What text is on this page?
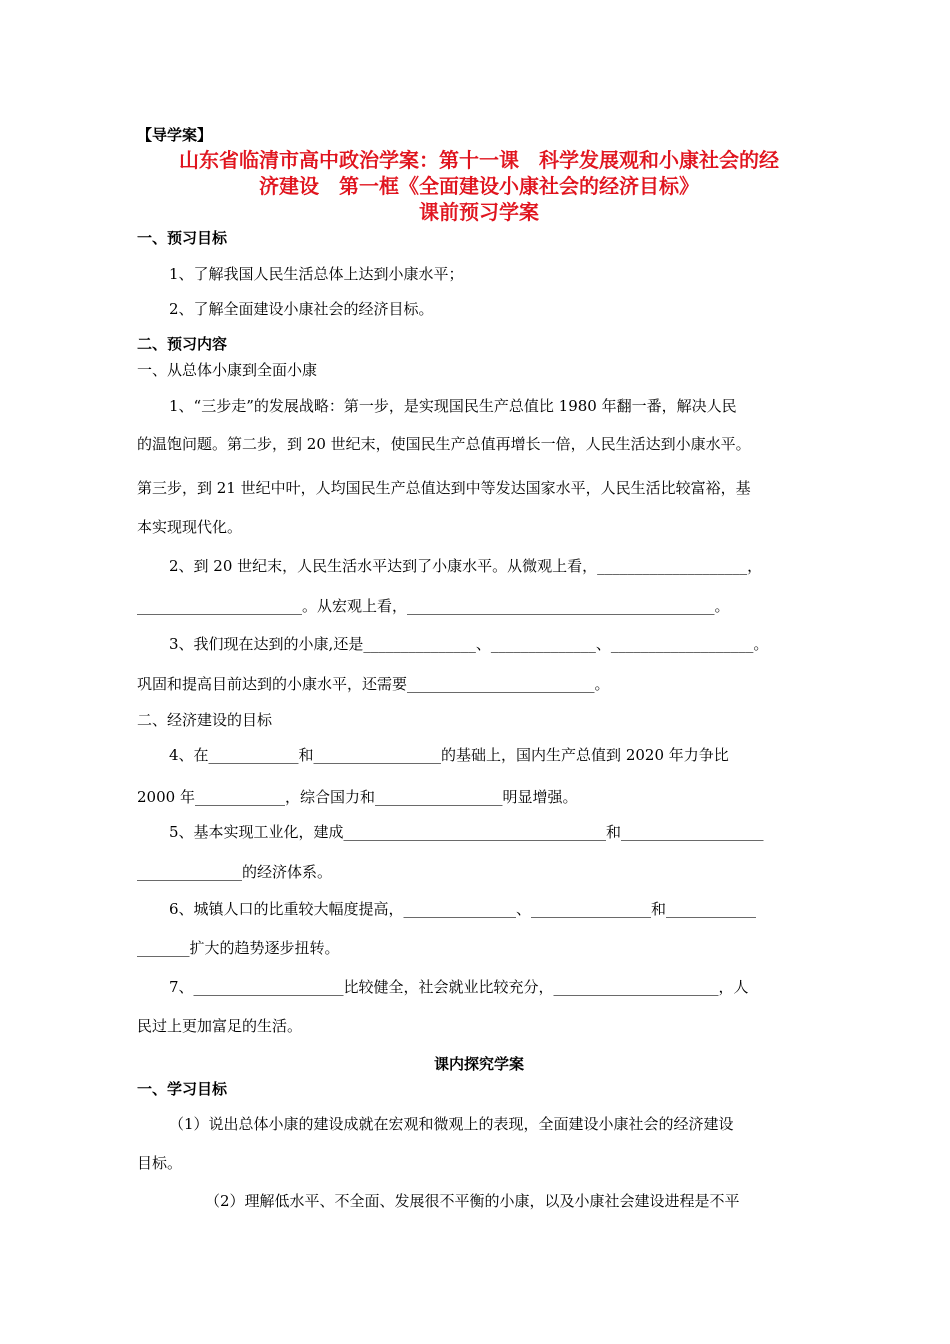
【导学案】
山东省临清市高中政治学案：第十一课　科学发展观和小康社会的经
济建设　第一框《全面建设小康社会的经济目标》
课前预习学案
一、预习目标
1、了解我国人民生活总体上达到小康水平；
2、了解全面建设小康社会的经济目标。
二、预习内容
一、从总体小康到全面小康
1、“三步走”的发展战略：第一步，是实现国民生产总值比 1980 年翻一番，解决人民
的温饱问题。第二步，到 20 世纪末，使国民生产总值再增长一倍，人民生活达到小康水平。
第三步，到 21 世纪中叶，人均国民生产总值达到中等发达国家水平，人民生活比较富裕，基
本实现现代化。
2、到 20 世纪末，人民生活水平达到了小康水平。从微观上看，____________________，
______________________。从宏观上看，_________________________________________。
3、我们现在达到的小康,还是_______________、______________、___________________。
巩固和提高目前达到的小康水平，还需要_________________________。
二、经济建设的目标
4、在____________和_________________的基础上，国内生产总值到 2020 年力争比
2000 年____________，综合国力和_________________明显增强。
5、基本实现工业化，建成___________________________________和___________________
______________的经济体系。
6、城镇人口的比重较大幅度提高，_______________、________________和____________
_______扩大的趋势逐步扭转。
7、____________________比较健全，社会就业比较充分，______________________，人
民过上更加富足的生活。
课内探究学案
一、学习目标
（1）说出总体小康的建设成就在宏观和微观上的表现，全面建设小康社会的经济建设
目标。
（2）理解低水平、不全面、发展很不平衡的小康，以及小康社会建设进程是不平
